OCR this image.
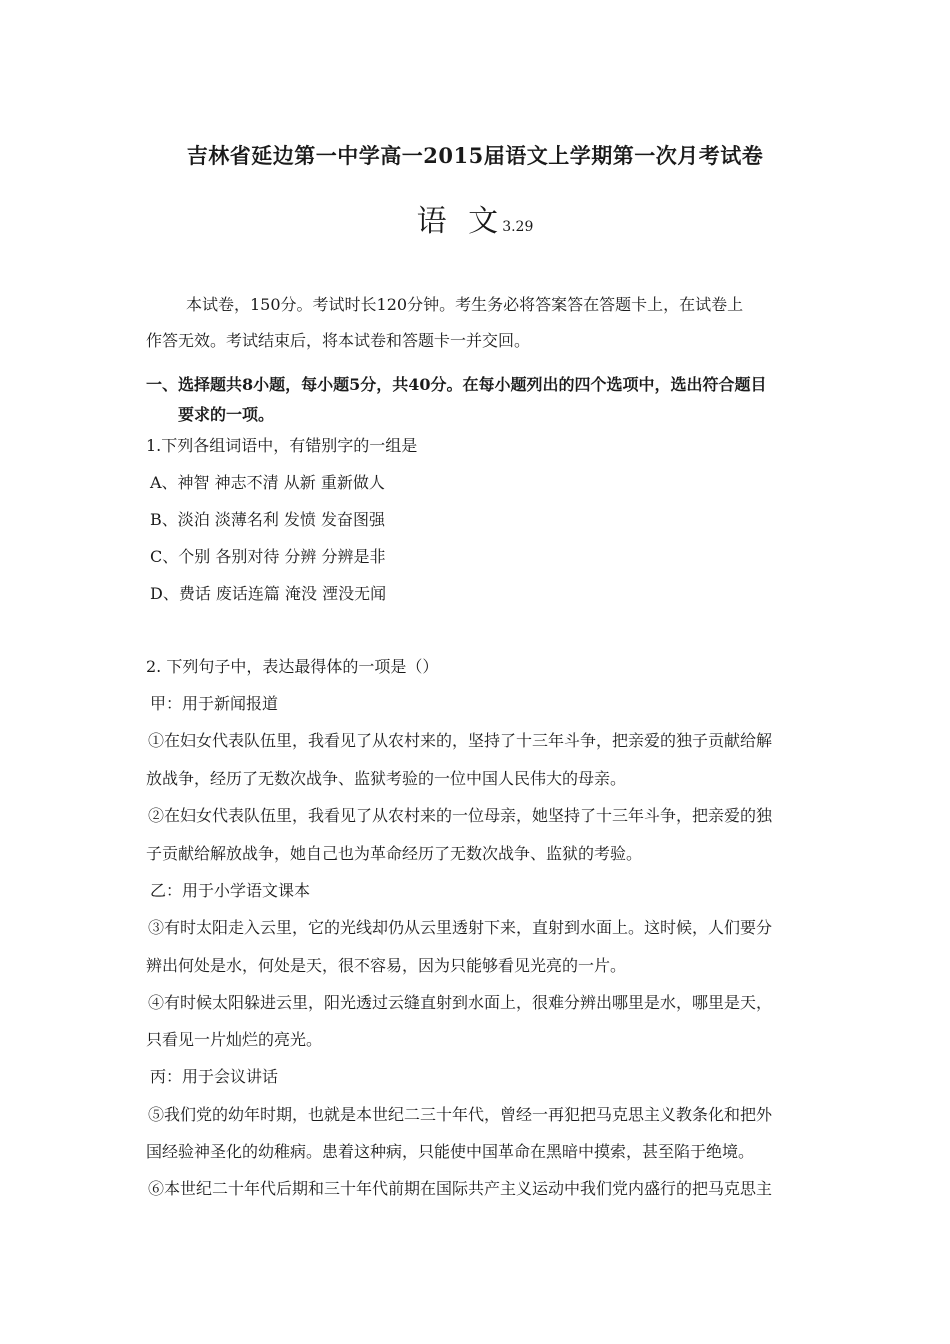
吉林省延边第一中学高一2015届语文上学期第一次月考试卷
语 文3.29
本试卷，150分。考试时长120分钟。考生务必将答案答在答题卡上，在试卷上
作答无效。考试结束后，将本试卷和答题卡一并交回。
一、选择题共8小题，每小题5分，共40分。在每小题列出的四个选项中，选出符合题目
要求的一项。
1.下列各组词语中，有错别字的一组是
A、神智 神志不清 从新 重新做人
B、淡泊 淡薄名利 发愤 发奋图强
C、个别 各别对待 分辨 分辨是非
D、费话 废话连篇 淹没 湮没无闻
2. 下列句子中，表达最得体的一项是（）
甲：用于新闻报道
①在妇女代表队伍里，我看见了从农村来的，坚持了十三年斗争，把亲爱的独子贡献给解
放战争，经历了无数次战争、监狱考验的一位中国人民伟大的母亲。
②在妇女代表队伍里，我看见了从农村来的一位母亲，她坚持了十三年斗争，把亲爱的独
子贡献给解放战争，她自己也为革命经历了无数次战争、监狱的考验。
乙：用于小学语文课本
③有时太阳走入云里，它的光线却仍从云里透射下来，直射到水面上。这时候，人们要分
辨出何处是水，何处是天，很不容易，因为只能够看见光亮的一片。
④有时候太阳躲进云里，阳光透过云缝直射到水面上，很难分辨出哪里是水，哪里是天，
只看见一片灿烂的亮光。
丙：用于会议讲话
⑤我们党的幼年时期，也就是本世纪二三十年代，曾经一再犯把马克思主义教条化和把外
国经验神圣化的幼稚病。患着这种病，只能使中国革命在黑暗中摸索，甚至陷于绝境。
⑥本世纪二十年代后期和三十年代前期在国际共产主义运动中我们党内盛行的把马克思主
